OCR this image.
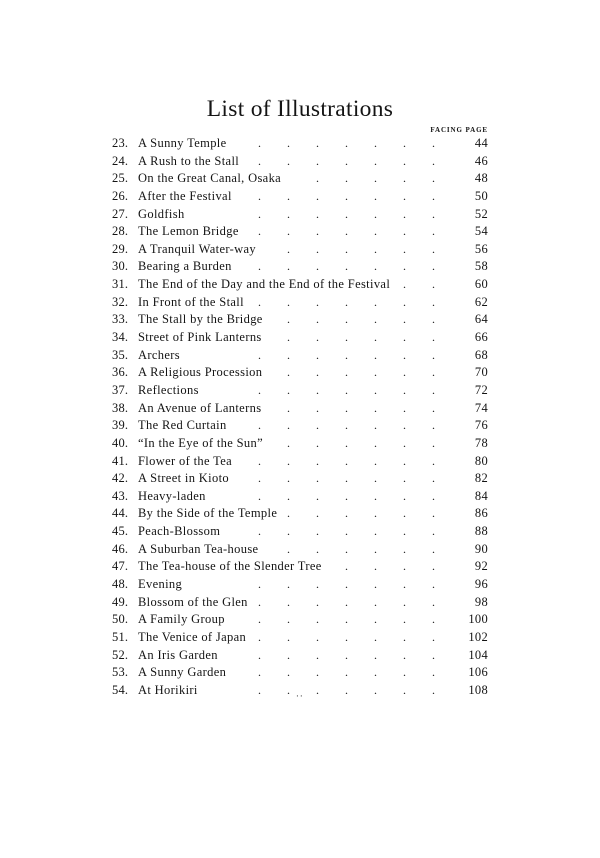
List of Illustrations
FACING PAGE
23. A Sunny Temple	. . . . . . .	44
24. A Rush to the Stall . . . . . . .	46
25. On the Great Canal, Osaka	. . . . .	48
26. After the Festival . . . . . . .	50
27. Goldfish	. . . . . . .	52
28. The Lemon Bridge . . . . . . .	54
29. A Tranquil Water-way	. . . . . .	56
30. Bearing a Burden . . . . . . .	58
31. The End of the Day and the End of the Festival . .	60
32. In Front of the Stall . . . . . . .	62
33. The Stall by the Bridge . . . . . .	64
34. Street of Pink Lanterns . . . . . .	66
35. Archers	. . . . . . .	68
36. A Religious Procession . . . . . .	70
37. Reflections	. . . . . . .	72
38. An Avenue of Lanterns . . . . . .	74
39. The Red Curtain	. . . . . . .	76
40. “In the Eye of the Sun” . . . . . .	78
41. Flower of the Tea . . . . . . .	80
42. A Street in Kioto . . . . . . .	82
43. Heavy-laden	. . . . . . .	84
44. By the Side of the Temple . . . . . .	86
45. Peach-Blossom	. . . . . . .	88
46. A Suburban Tea-house . . . . . .	90
47. The Tea-house of the Slender Tree . . . .	92
48. Evening	. . . . . . .	96
49. Blossom of the Glen . . . . . . .	98
50. A Family Group	. . . . . . .	100
51. The Venice of Japan . . . . . . .	102
52. An Iris Garden	. . . . . . .	104
53. A Sunny Garden	. . . . . . .	106
54. At Horikiri	. . . . . . .	108
··
